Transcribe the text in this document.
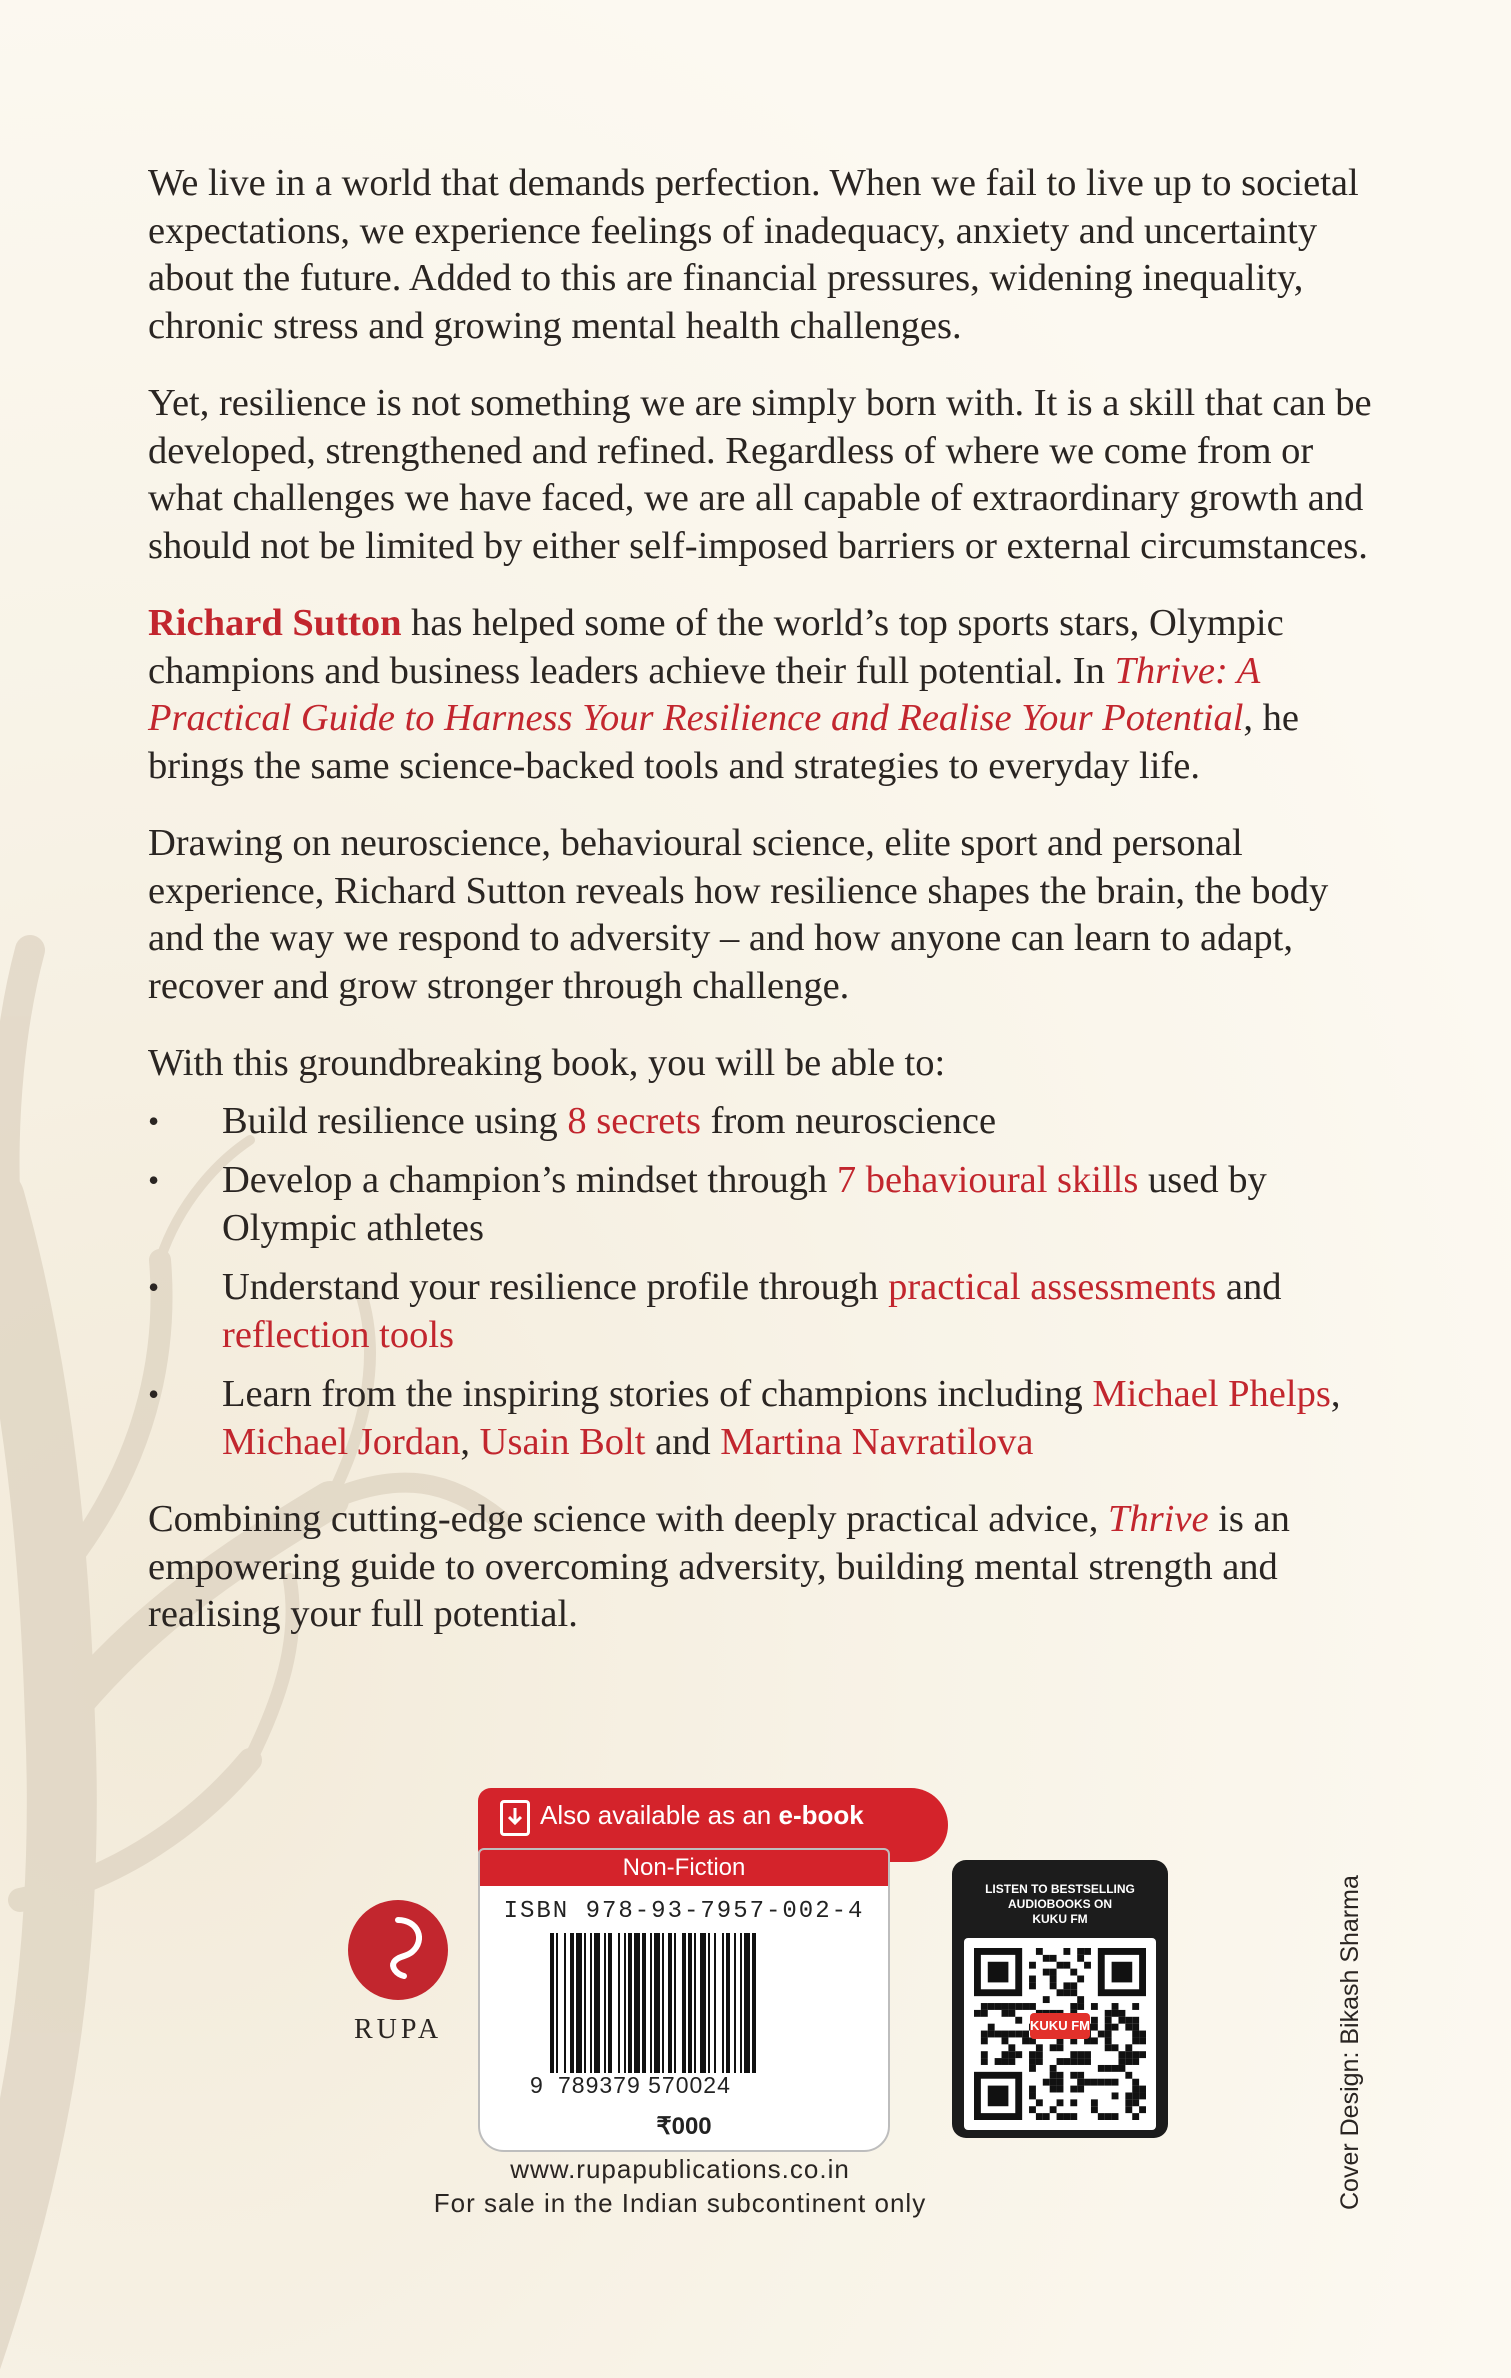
We live in a world that demands perfection. When we fail to live up to societal expectations, we experience feelings of inadequacy, anxiety and uncertainty about the future. Added to this are financial pressures, widening inequality, chronic stress and growing mental health challenges.

Yet, resilience is not something we are simply born with. It is a skill that can be developed, strengthened and refined. Regardless of where we come from or what challenges we have faced, we are all capable of extraordinary growth and should not be limited by either self-imposed barriers or external circumstances.

Richard Sutton has helped some of the world’s top sports stars, Olympic champions and business leaders achieve their full potential. In Thrive: A Practical Guide to Harness Your Resilience and Realise Your Potential, he brings the same science-backed tools and strategies to everyday life.

Drawing on neuroscience, behavioural science, elite sport and personal experience, Richard Sutton reveals how resilience shapes the brain, the body and the way we respond to adversity – and how anyone can learn to adapt, recover and grow stronger through challenge.

With this groundbreaking book, you will be able to:

• Build resilience using 8 secrets from neuroscience
• Develop a champion’s mindset through 7 behavioural skills used by Olympic athletes
• Understand your resilience profile through practical assessments and reflection tools
• Learn from the inspiring stories of champions including Michael Phelps, Michael Jordan, Usain Bolt and Martina Navratilova

Combining cutting-edge science with deeply practical advice, Thrive is an empowering guide to overcoming adversity, building mental strength and realising your full potential.

RUPA
Also available as an e-book
Non-Fiction
ISBN 978-93-7957-002-4
9 789379 570024
₹000
www.rupapublications.co.in
For sale in the Indian subcontinent only
LISTEN TO BESTSELLING
AUDIOBOOKS ON
KUKU FM
KUKU FM	Cover Design: Bikash Sharma
